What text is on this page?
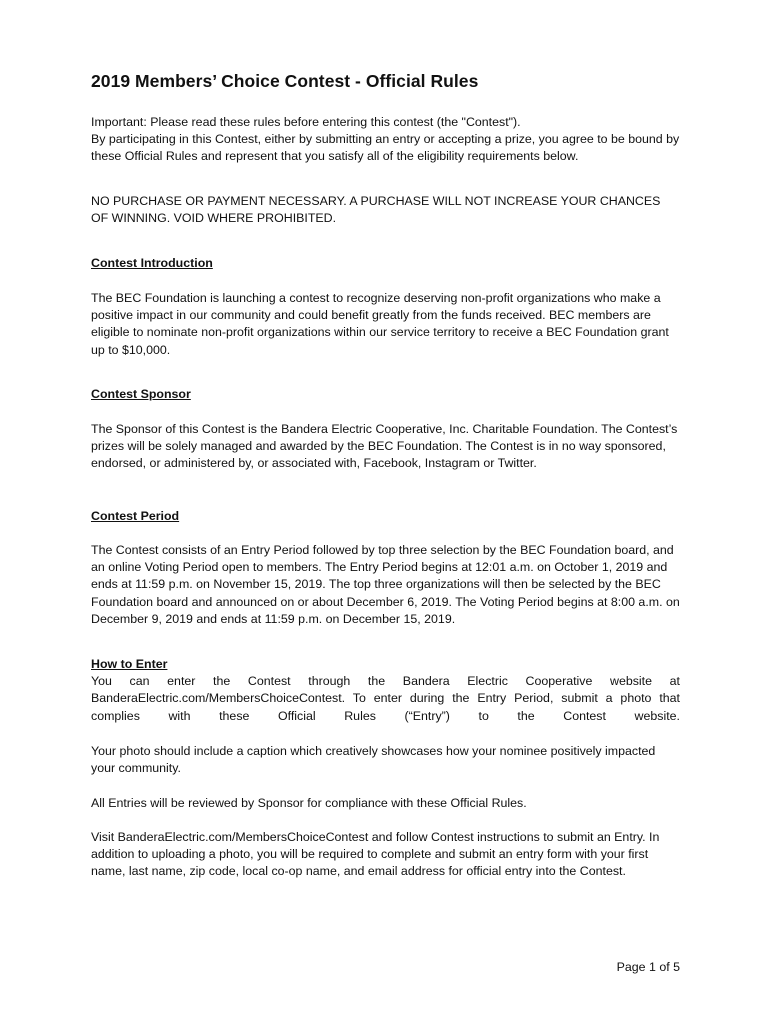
2019 Members’ Choice Contest - Official Rules

Important: Please read these rules before entering this contest (the "Contest").

By participating in this Contest, either by submitting an entry or accepting a prize, you agree to be bound by these Official Rules and represent that you satisfy all of the eligibility requirements below.

NO PURCHASE OR PAYMENT NECESSARY. A PURCHASE WILL NOT INCREASE YOUR CHANCES OF WINNING. VOID WHERE PROHIBITED.

Contest Introduction

The BEC Foundation is launching a contest to recognize deserving non-profit organizations who make a positive impact in our community and could benefit greatly from the funds received. BEC members are eligible to nominate non-profit organizations within our service territory to receive a BEC Foundation grant up to $10,000.

Contest Sponsor

The Sponsor of this Contest is the Bandera Electric Cooperative, Inc. Charitable Foundation. The Contest’s prizes will be solely managed and awarded by the BEC Foundation. The Contest is in no way sponsored, endorsed, or administered by, or associated with, Facebook, Instagram or Twitter.

Contest Period

The Contest consists of an Entry Period followed by top three selection by the BEC Foundation board, and an online Voting Period open to members. The Entry Period begins at 12:01 a.m. on October 1, 2019 and ends at 11:59 p.m. on November 15, 2019. The top three organizations will then be selected by the BEC Foundation board and announced on or about December 6, 2019. The Voting Period begins at 8:00 a.m. on December 9, 2019 and ends at 11:59 p.m. on December 15, 2019.

How to Enter

You can enter the Contest through the Bandera Electric Cooperative website at BanderaElectric.com/MembersChoiceContest. To enter during the Entry Period, submit a photo that

complies with these Official Rules (“Entry”) to the Contest website.

Your photo should include a caption which creatively showcases how your nominee positively impacted your community.

All Entries will be reviewed by Sponsor for compliance with these Official Rules.

Visit BanderaElectric.com/MembersChoiceContest and follow Contest instructions to submit an Entry. In addition to uploading a photo, you will be required to complete and submit an entry form with your first name, last name, zip code, local co-op name, and email address for official entry into the Contest.

Page 1 of 5
